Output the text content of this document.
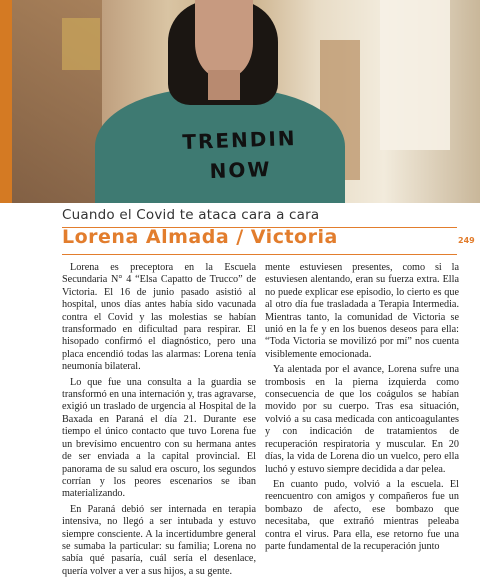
TRENDIN NOW
Cuando el Covid te ataca cara a cara
Lorena Almada / Victoria	249

Lorena es preceptora en la Escuela Secundaria N° 4 “Elsa Capatto de Trucco” de Victoria. El 16 de junio pasado asistió al hospital, unos días antes había sido vacunada contra el Covid y las molestias se habían transformado en dificultad para respirar. El hisopado confirmó el diagnóstico, pero una placa encendió todas las alarmas: Lorena tenía neumonía bilateral.

Lo que fue una consulta a la guardia se transformó en una internación y, tras agravarse, exigió un traslado de urgencia al Hospital de la Baxada en Paraná el día 21. Durante ese tiempo el único contacto que tuvo Lorena fue un brevísimo encuentro con su hermana antes de ser enviada a la capital provincial. El panorama de su salud era oscuro, los segundos corrían y los peores escenarios se iban materializando.

En Paraná debió ser internada en terapia intensiva, no llegó a ser intubada y estuvo siempre consciente. A la incertidumbre general se sumaba la particular: su familia; Lorena no sabía qué pasaría, cuál sería el desenlace, quería volver a ver a sus hijos, a su gente.

mente estuviesen presentes, como si la estuviesen alentando, eran su fuerza extra. Ella no puede explicar ese episodio, lo cierto es que al otro día fue trasladada a Terapia Intermedia. Mientras tanto, la comunidad de Victoria se unió en la fe y en los buenos deseos para ella: “Toda Victoria se movilizó por mí” nos cuenta visiblemente emocionada.

Ya alentada por el avance, Lorena sufre una trombosis en la pierna izquierda como consecuencia de que los coágulos se habían movido por su cuerpo. Tras esa situación, volvió a su casa medicada con anticoagulantes y con indicación de tratamientos de recuperación respiratoria y muscular. En 20 días, la vida de Lorena dio un vuelco, pero ella luchó y estuvo siempre decidida a dar pelea.

En cuanto pudo, volvió a la escuela. El reencuentro con amigos y compañeros fue un bombazo de afecto, ese bombazo que necesitaba, que extrañó mientras peleaba contra el virus. Para ella, ese retorno fue una parte fundamental de la recuperación junto
